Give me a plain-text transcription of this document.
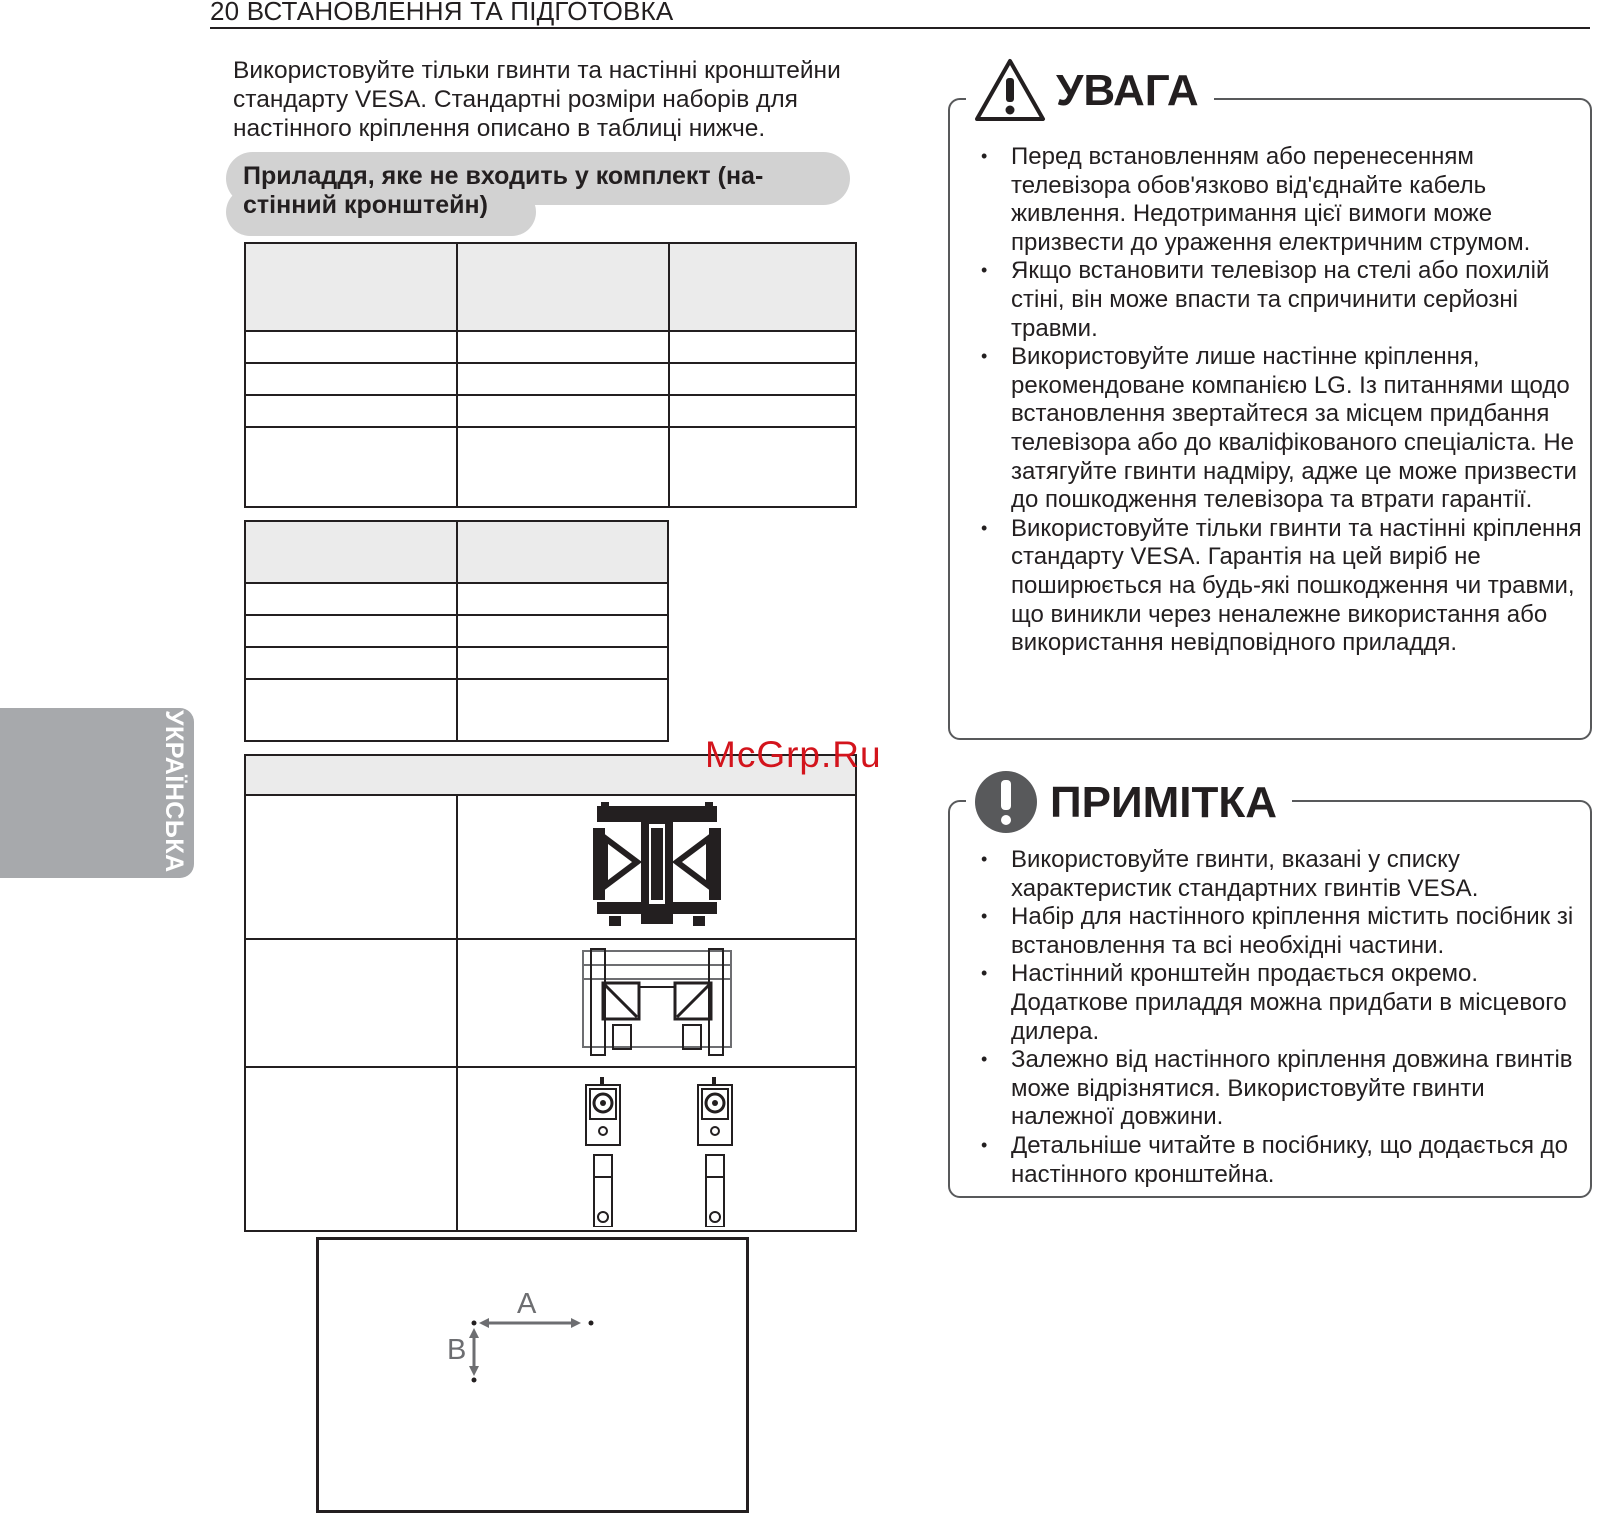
20 ВСТАНОВЛЕННЯ ТА ПІДГОТОВКА
Використовуйте тільки гвинти та настінні кронштейни стандарту VESA. Стандартні розміри наборів для настінного кріплення описано в таблиці нижче.
Приладдя, яке не входить у комплект (на-стінний кронштейн)

A
B
УКРАЇНСЬКА	McGrp.Ru
УВАГА
• Перед встановленням або перенесенням телевізора обов'язково від'єднайте кабель живлення. Недотримання цієї вимоги може призвести до ураження електричним струмом.
• Якщо встановити телевізор на стелі або похилій стіні, він може впасти та спричинити серйозні травми.
• Використовуйте лише настінне кріплення, рекомендоване компанією LG. Із питаннями щодо встановлення звертайтеся за місцем придбання телевізора або до кваліфікованого спеціаліста. Не затягуйте гвинти надміру, адже це може призвести до пошкодження телевізора та втрати гарантії.
• Використовуйте тільки гвинти та настінні кріплення стандарту VESA. Гарантія на цей виріб не поширюється на будь-які пошкодження чи травми, що виникли через неналежне використання або використання невідповідного приладдя.
ПРИМІТКА
• Використовуйте гвинти, вказані у списку характеристик стандартних гвинтів VESA.
• Набір для настінного кріплення містить посібник зі встановлення та всі необхідні частини.
• Настінний кронштейн продається окремо. Додаткове приладдя можна придбати в місцевого дилера.
• Залежно від настінного кріплення довжина гвинтів може відрізнятися. Використовуйте гвинти належної довжини.
• Детальніше читайте в посібнику, що додається до настінного кронштейна.
